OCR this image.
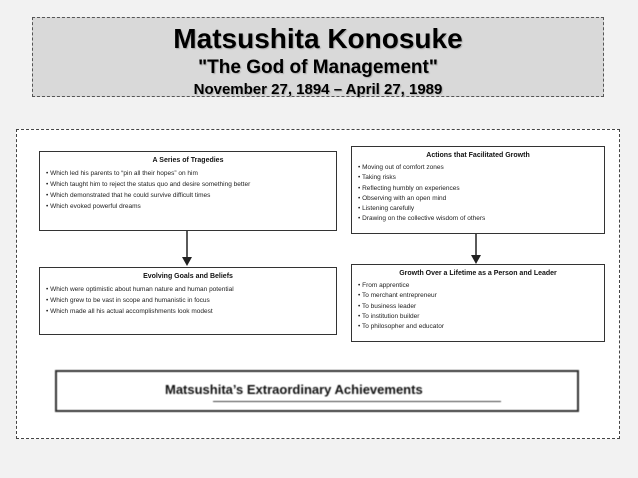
Matsushita Konosuke
"The God of Management"
November 27, 1894 – April 27, 1989
A Series of Tragedies
• Which led his parents to “pin all their hopes” on him
• Which taught him to reject the status quo and desire something better
• Which demonstrated that he could survive difficult times
• Which evoked powerful dreams
Evolving Goals and Beliefs
• Which were optimistic about human nature and human potential
• Which grew to be vast in scope and humanistic in focus
• Which made all his actual accomplishments look modest
Actions that Facilitated Growth
• Moving out of comfort zones
• Taking risks
• Reflecting humbly on experiences
• Observing with an open mind
• Listening carefully
• Drawing on the collective wisdom of others
Growth Over a Lifetime as a Person and Leader
• From apprentice
• To merchant entrepreneur
• To business leader
• To institution builder
• To philosopher and educator
Matsushita’s Extraordinary Achievements
